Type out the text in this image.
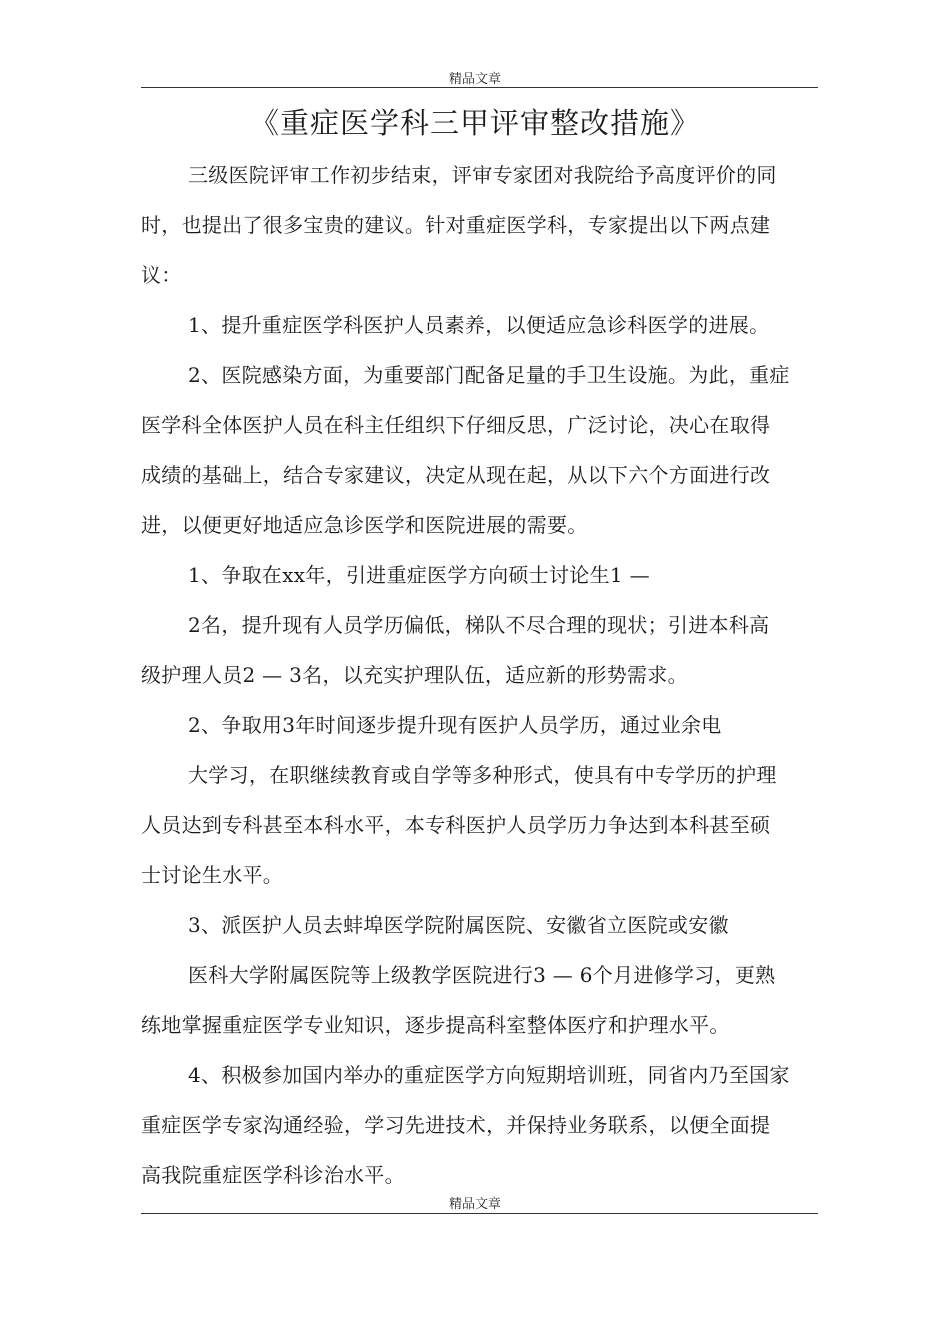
精品文章
《重症医学科三甲评审整改措施》
三级医院评审工作初步结束，评审专家团对我院给予高度评价的同
时，也提出了很多宝贵的建议。针对重症医学科，专家提出以下两点建
议：
1、提升重症医学科医护人员素养，以便适应急诊科医学的进展。
2、医院感染方面，为重要部门配备足量的手卫生设施。为此，重症
医学科全体医护人员在科主任组织下仔细反思，广泛讨论，决心在取得
成绩的基础上，结合专家建议，决定从现在起，从以下六个方面进行改
进，以便更好地适应急诊医学和医院进展的需要。
1、争取在xx年，引进重症医学方向硕士讨论生1 —
2名，提升现有人员学历偏低，梯队不尽合理的现状；引进本科高
级护理人员2 — 3名，以充实护理队伍，适应新的形势需求。
2、争取用3年时间逐步提升现有医护人员学历，通过业余电
大学习，在职继续教育或自学等多种形式，使具有中专学历的护理
人员达到专科甚至本科水平，本专科医护人员学历力争达到本科甚至硕
士讨论生水平。
3、派医护人员去蚌埠医学院附属医院、安徽省立医院或安徽
医科大学附属医院等上级教学医院进行3 — 6个月进修学习，更熟
练地掌握重症医学专业知识，逐步提高科室整体医疗和护理水平。
4、积极参加国内举办的重症医学方向短期培训班，同省内乃至国家
重症医学专家沟通经验，学习先进技术，并保持业务联系，以便全面提
高我院重症医学科诊治水平。
精品文章
